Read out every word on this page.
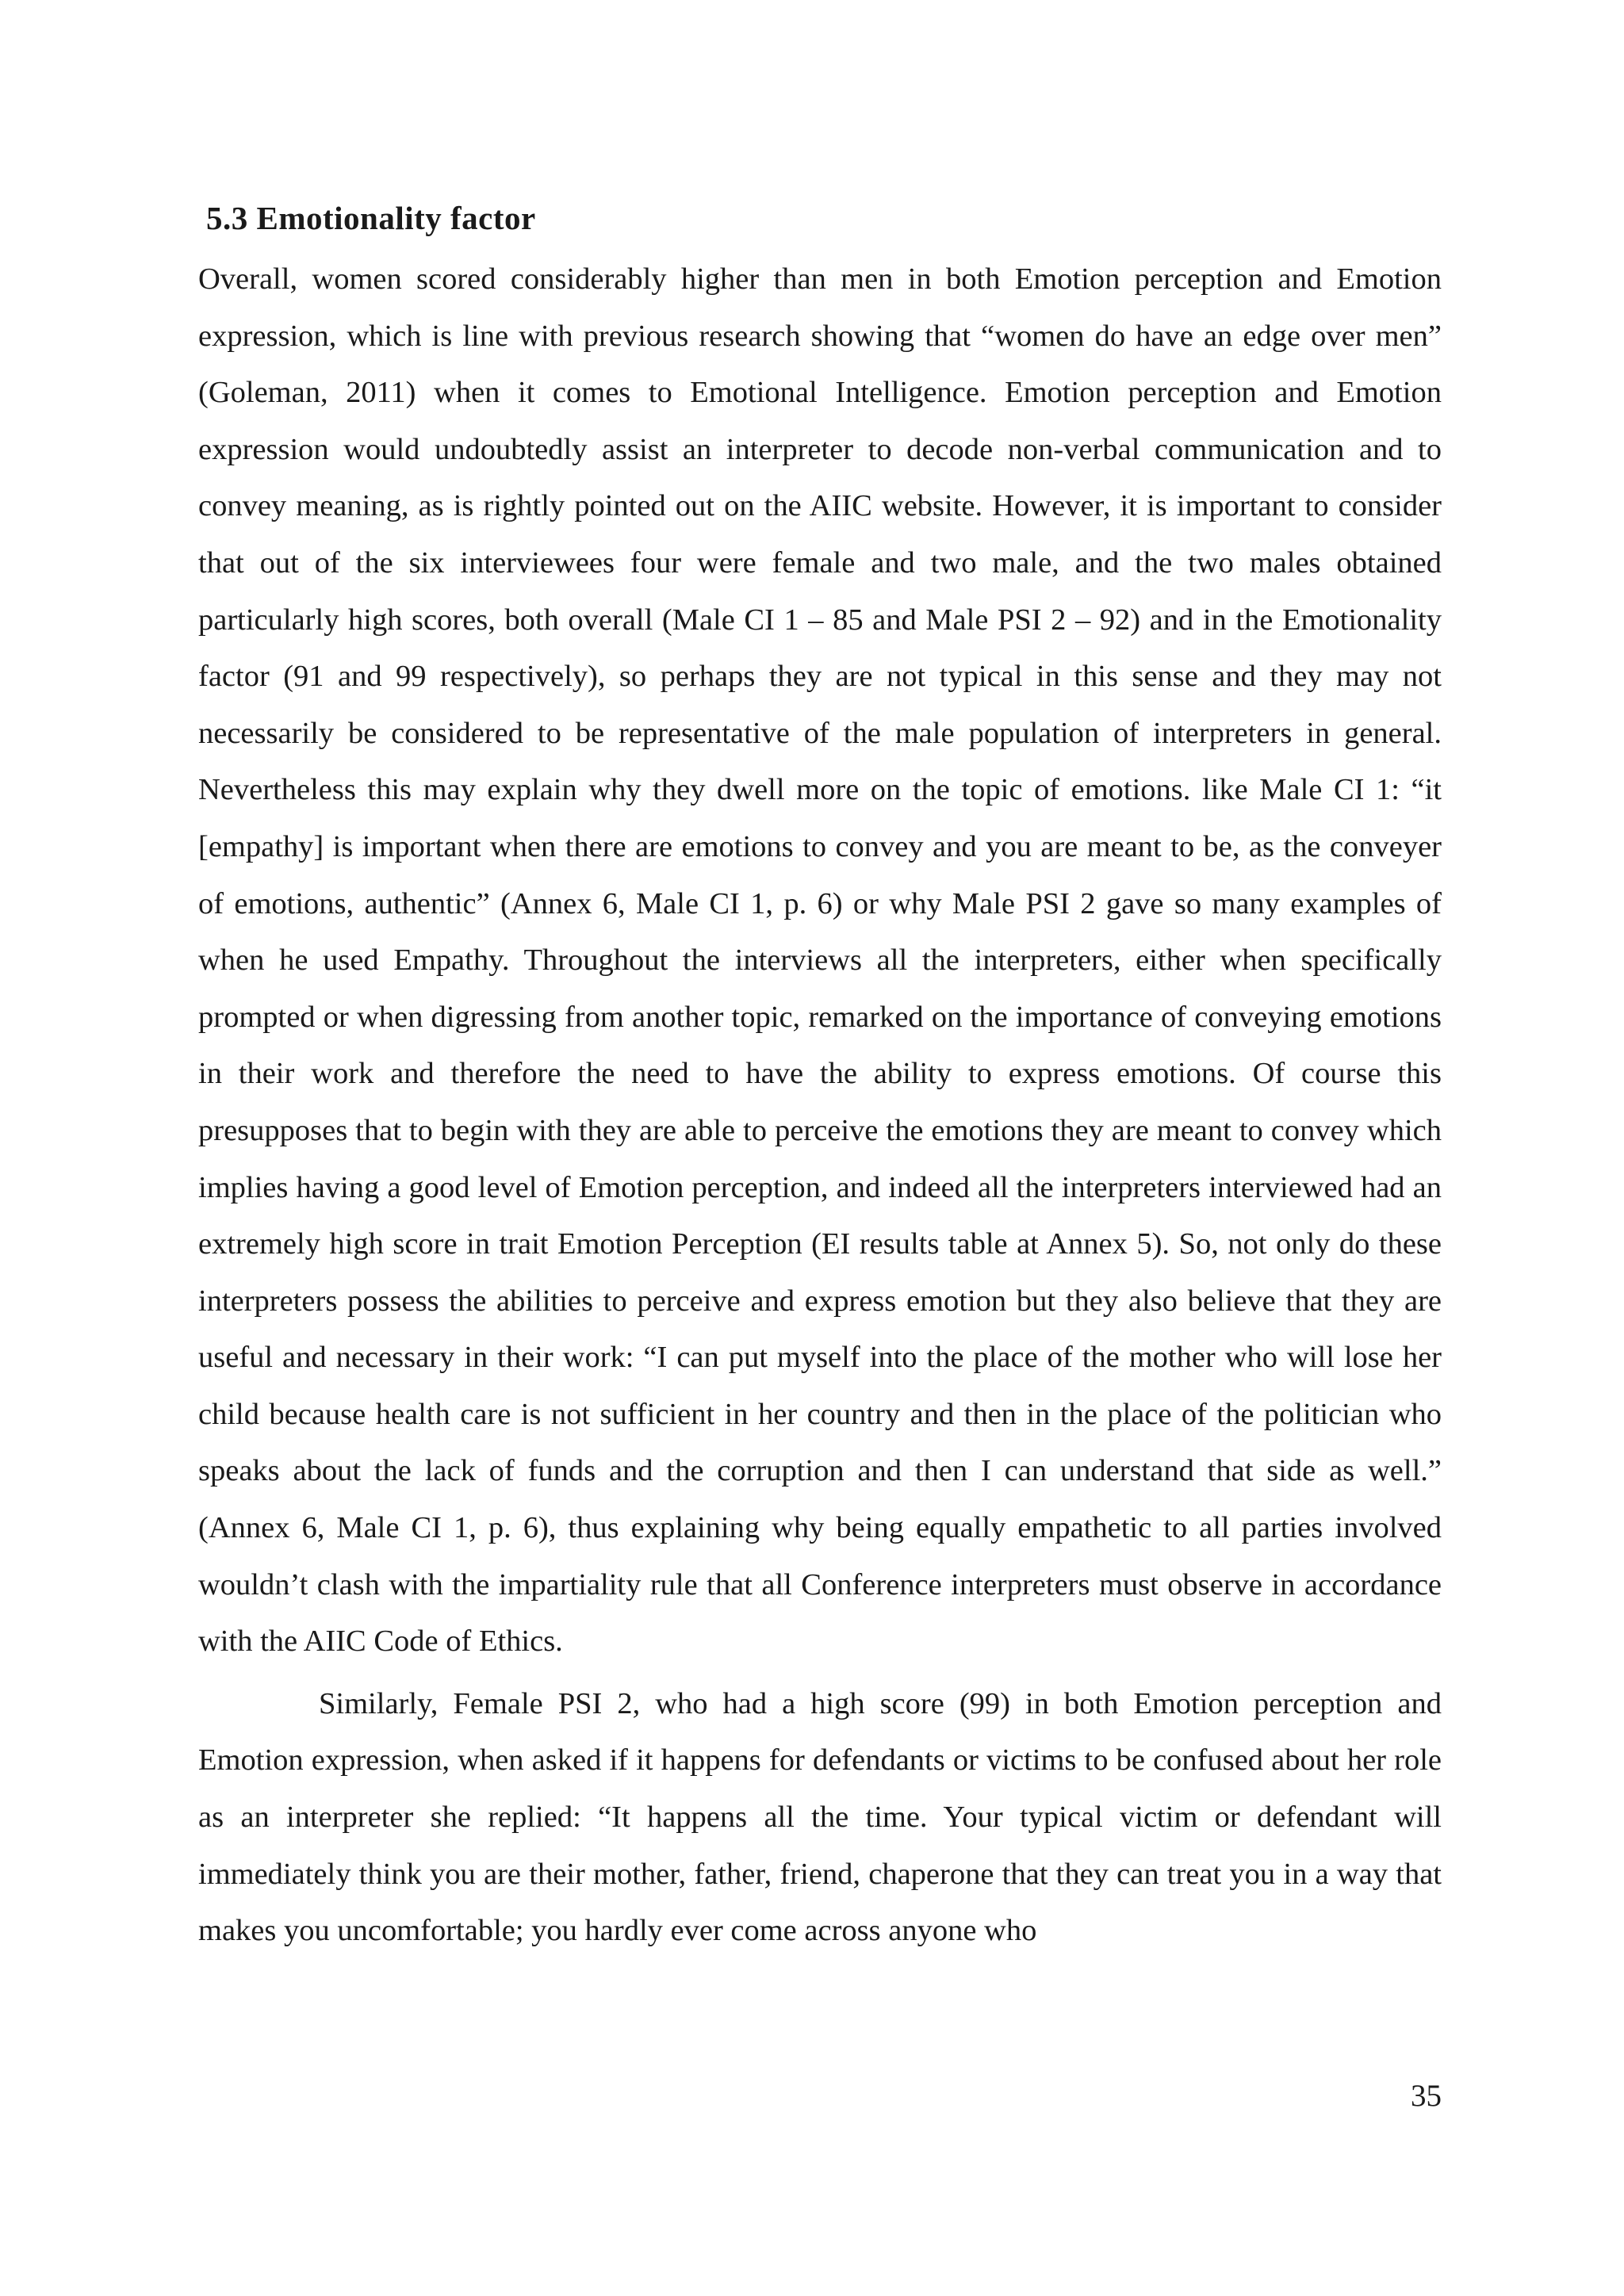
5.3 Emotionality factor

Overall, women scored considerably higher than men in both Emotion perception and Emotion expression, which is line with previous research showing that “women do have an edge over men” (Goleman, 2011) when it comes to Emotional Intelligence. Emotion perception and Emotion expression would undoubtedly assist an interpreter to decode non-verbal communication and to convey meaning, as is rightly pointed out on the AIIC website. However, it is important to consider that out of the six interviewees four were female and two male, and the two males obtained particularly high scores, both overall (Male CI 1 – 85 and Male PSI 2 – 92) and in the Emotionality factor (91 and 99 respectively), so perhaps they are not typical in this sense and they may not necessarily be considered to be representative of the male population of interpreters in general. Nevertheless this may explain why they dwell more on the topic of emotions. like Male CI 1: “it [empathy] is important when there are emotions to convey and you are meant to be, as the conveyer of emotions, authentic” (Annex 6, Male CI 1, p. 6) or why Male PSI 2 gave so many examples of when he used Empathy. Throughout the interviews all the interpreters, either when specifically prompted or when digressing from another topic, remarked on the importance of conveying emotions in their work and therefore the need to have the ability to express emotions. Of course this presupposes that to begin with they are able to perceive the emotions they are meant to convey which implies having a good level of Emotion perception, and indeed all the interpreters interviewed had an extremely high score in trait Emotion Perception (EI results table at Annex 5). So, not only do these interpreters possess the abilities to perceive and express emotion but they also believe that they are useful and necessary in their work: “I can put myself into the place of the mother who will lose her child because health care is not sufficient in her country and then in the place of the politician who speaks about the lack of funds and the corruption and then I can understand that side as well.” (Annex 6, Male CI 1, p. 6), thus explaining why being equally empathetic to all parties involved wouldn’t clash with the impartiality rule that all Conference interpreters must observe in accordance with the AIIC Code of Ethics.

Similarly, Female PSI 2, who had a high score (99) in both Emotion perception and Emotion expression, when asked if it happens for defendants or victims to be confused about her role as an interpreter she replied: “It happens all the time. Your typical victim or defendant will immediately think you are their mother, father, friend, chaperone that they can treat you in a way that makes you uncomfortable; you hardly ever come across anyone who

35
